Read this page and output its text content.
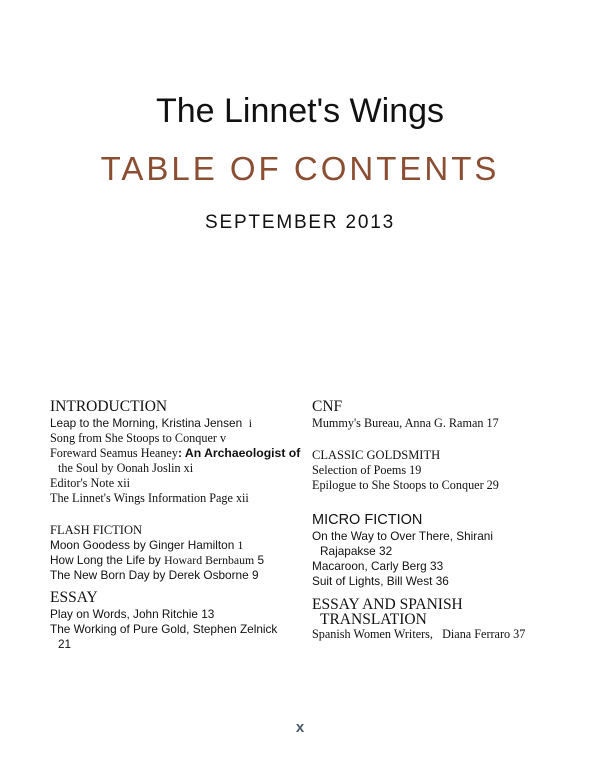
The Linnet's Wings
TABLE OF CONTENTS
SEPTEMBER 2013
INTRODUCTION
Leap to the Morning, Kristina Jensen i
Song from She Stoops to Conquer v
Foreward Seamus Heaney: An Archaeologist of
the Soul by Oonah Joslin xi
Editor's Note xii
The Linnet's Wings Information Page xii
FLASH FICTION
Moon Goodess by Ginger Hamilton 1
How Long the Life by Howard Bernbaum 5
The New Born Day by Derek Osborne 9
ESSAY
Play on Words, John Ritchie 13
The Working of Pure Gold, Stephen Zelnick
21
CNF
Mummy's Bureau, Anna G. Raman 17
CLASSIC GOLDSMITH
Selection of Poems 19
Epilogue to She Stoops to Conquer 29
MICRO FICTION
On the Way to Over There, Shirani
Rajapakse 32
Macaroon, Carly Berg 33
Suit of Lights, Bill West 36
ESSAY AND SPANISH
TRANSLATION
Spanish Women Writers, Diana Ferraro 37
x
